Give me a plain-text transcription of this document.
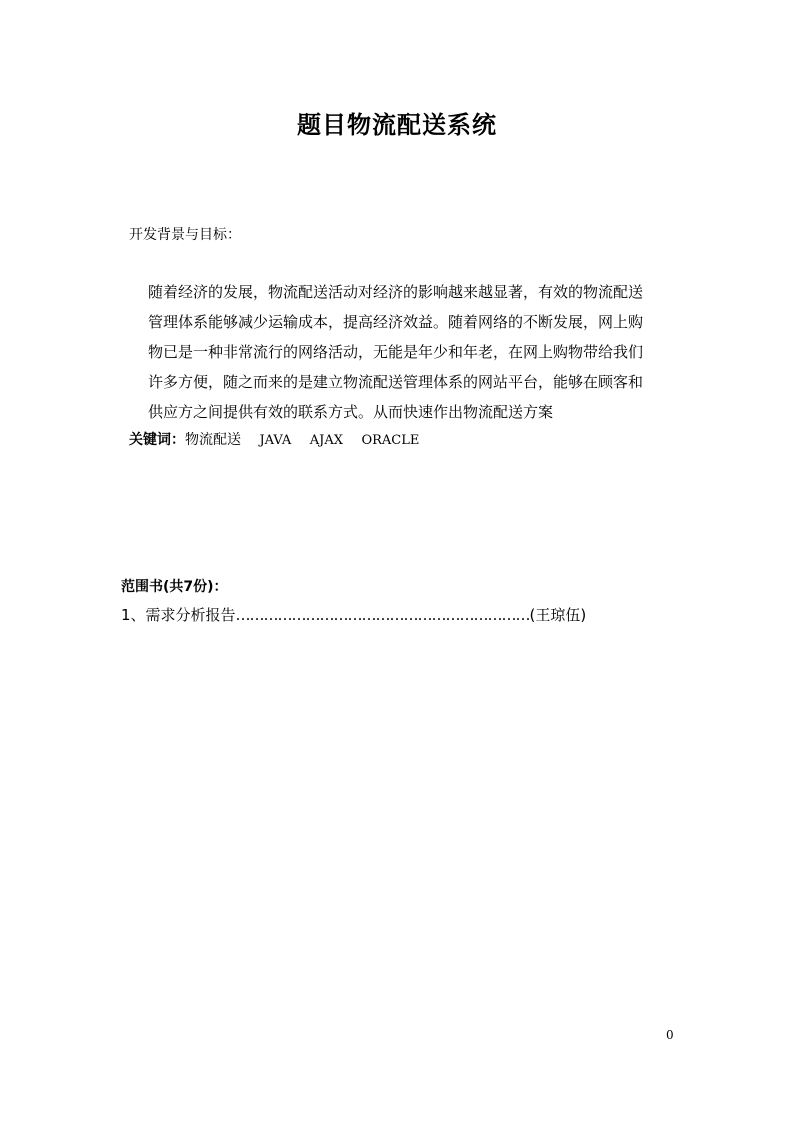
题目物流配送系统
开发背景与目标：
随着经济的发展，物流配送活动对经济的影响越来越显著，有效的物流配送
管理体系能够减少运输成本，提高经济效益。随着网络的不断发展，网上购
物已是一种非常流行的网络活动，无能是年少和年老，在网上购物带给我们
许多方便，随之而来的是建立物流配送管理体系的网站平台，能够在顾客和
供应方之间提供有效的联系方式。从而快速作出物流配送方案
关键词：物流配送 JAVA AJAX ORACLE
范围书(共7份)：
1、需求分析报告………………………………………………………(王琼伍)
0
